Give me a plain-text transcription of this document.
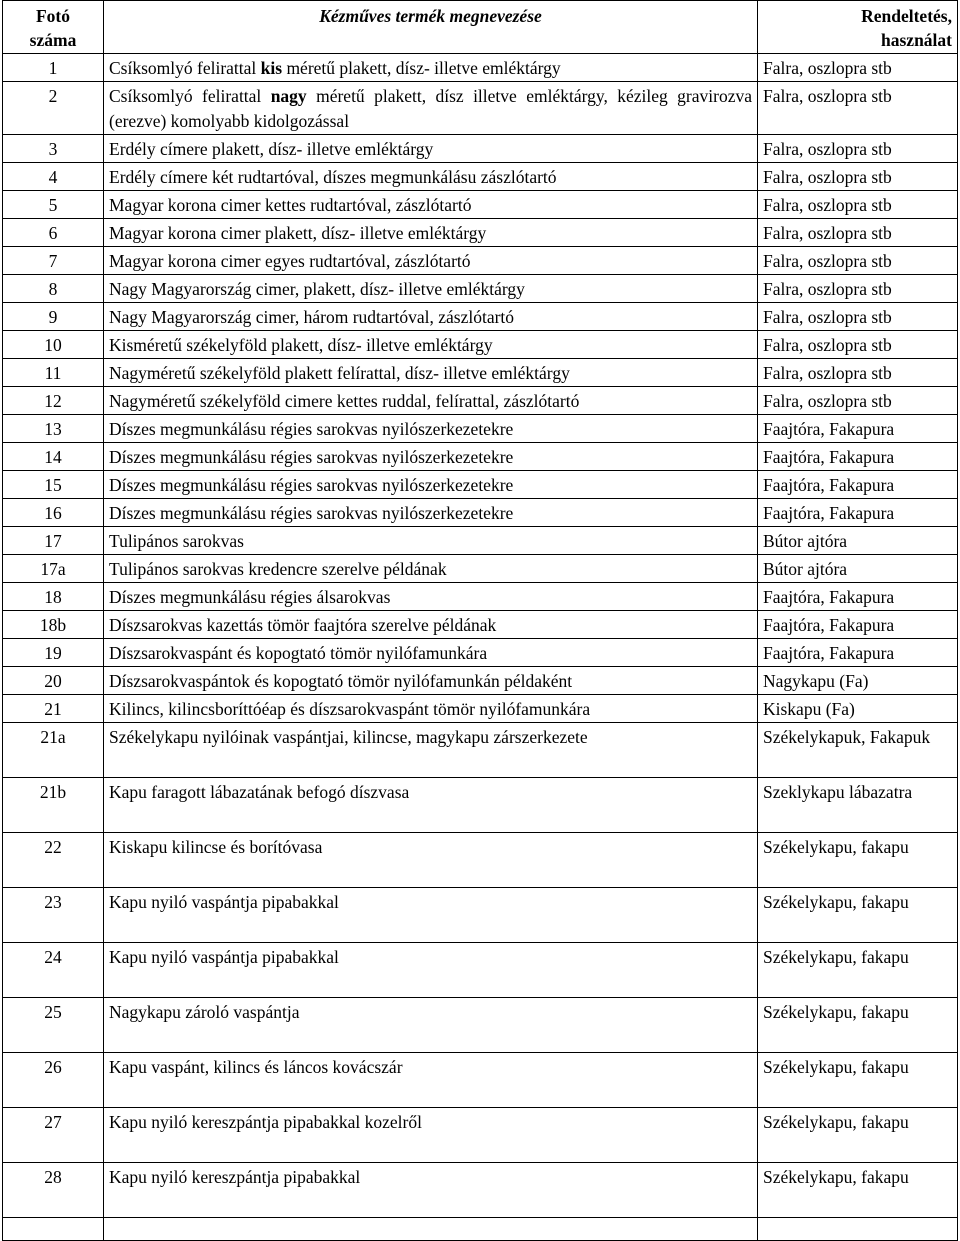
Fotó
száma	Kézműves termék megnevezése	Rendeltetés,
használat
1	Csíksomlyó felirattal kis méretű plakett, dísz- illetve emléktárgy	Falra, oszlopra stb
2	Csíksomlyó felirattal nagy méretű plakett, dísz illetve emléktárgy, kézileg gravirozva (erezve) komolyabb kidolgozással	Falra, oszlopra stb
3	Erdély címere plakett, dísz- illetve emléktárgy	Falra, oszlopra stb
4	Erdély címere két rudtartóval, díszes megmunkálásu zászlótartó	Falra, oszlopra stb
5	Magyar korona cimer kettes rudtartóval, zászlótartó	Falra, oszlopra stb
6	Magyar korona cimer plakett, dísz- illetve emléktárgy	Falra, oszlopra stb
7	Magyar korona cimer egyes rudtartóval, zászlótartó	Falra, oszlopra stb
8	Nagy Magyarország cimer, plakett, dísz- illetve emléktárgy	Falra, oszlopra stb
9	Nagy Magyarország cimer, három rudtartóval, zászlótartó	Falra, oszlopra stb
10	Kisméretű székelyföld plakett, dísz- illetve emléktárgy	Falra, oszlopra stb
11	Nagyméretű székelyföld plakett felírattal, dísz- illetve emléktárgy	Falra, oszlopra stb
12	Nagyméretű székelyföld cimere kettes ruddal, felírattal, zászlótartó	Falra, oszlopra stb
13	Díszes megmunkálásu régies sarokvas nyilószerkezetekre	Faajtóra, Fakapura
14	Díszes megmunkálásu régies sarokvas nyilószerkezetekre	Faajtóra, Fakapura
15	Díszes megmunkálásu régies sarokvas nyilószerkezetekre	Faajtóra, Fakapura
16	Díszes megmunkálásu régies sarokvas nyilószerkezetekre	Faajtóra, Fakapura
17	Tulipános sarokvas	Bútor ajtóra
17a	Tulipános sarokvas kredencre szerelve példának	Bútor ajtóra
18	Díszes megmunkálásu régies álsarokvas	Faajtóra, Fakapura
18b	Díszsarokvas kazettás tömör faajtóra szerelve példának	Faajtóra, Fakapura
19	Díszsarokvaspánt és kopogtató tömör nyilófamunkára	Faajtóra, Fakapura
20	Díszsarokvaspántok és kopogtató tömör nyilófamunkán példaként	Nagykapu (Fa)
21	Kilincs, kilincsboríttóéap és díszsarokvaspánt tömör nyilófamunkára	Kiskapu (Fa)
21a	Székelykapu nyilóinak vaspántjai, kilincse, magykapu zárszerkezete	Székelykapuk, Fakapuk
21b	Kapu faragott lábazatának befogó díszvasa	Szeklykapu lábazatra
22	Kiskapu kilincse és borítóvasa	Székelykapu, fakapu
23	Kapu nyiló vaspántja pipabakkal	Székelykapu, fakapu
24	Kapu nyiló vaspántja pipabakkal	Székelykapu, fakapu
25	Nagykapu zároló vaspántja	Székelykapu, fakapu
26	Kapu vaspánt, kilincs és láncos kovácszár	Székelykapu, fakapu
27	Kapu nyiló kereszpántja pipabakkal kozelről	Székelykapu, fakapu
28	Kapu nyiló kereszpántja pipabakkal	Székelykapu, fakapu
